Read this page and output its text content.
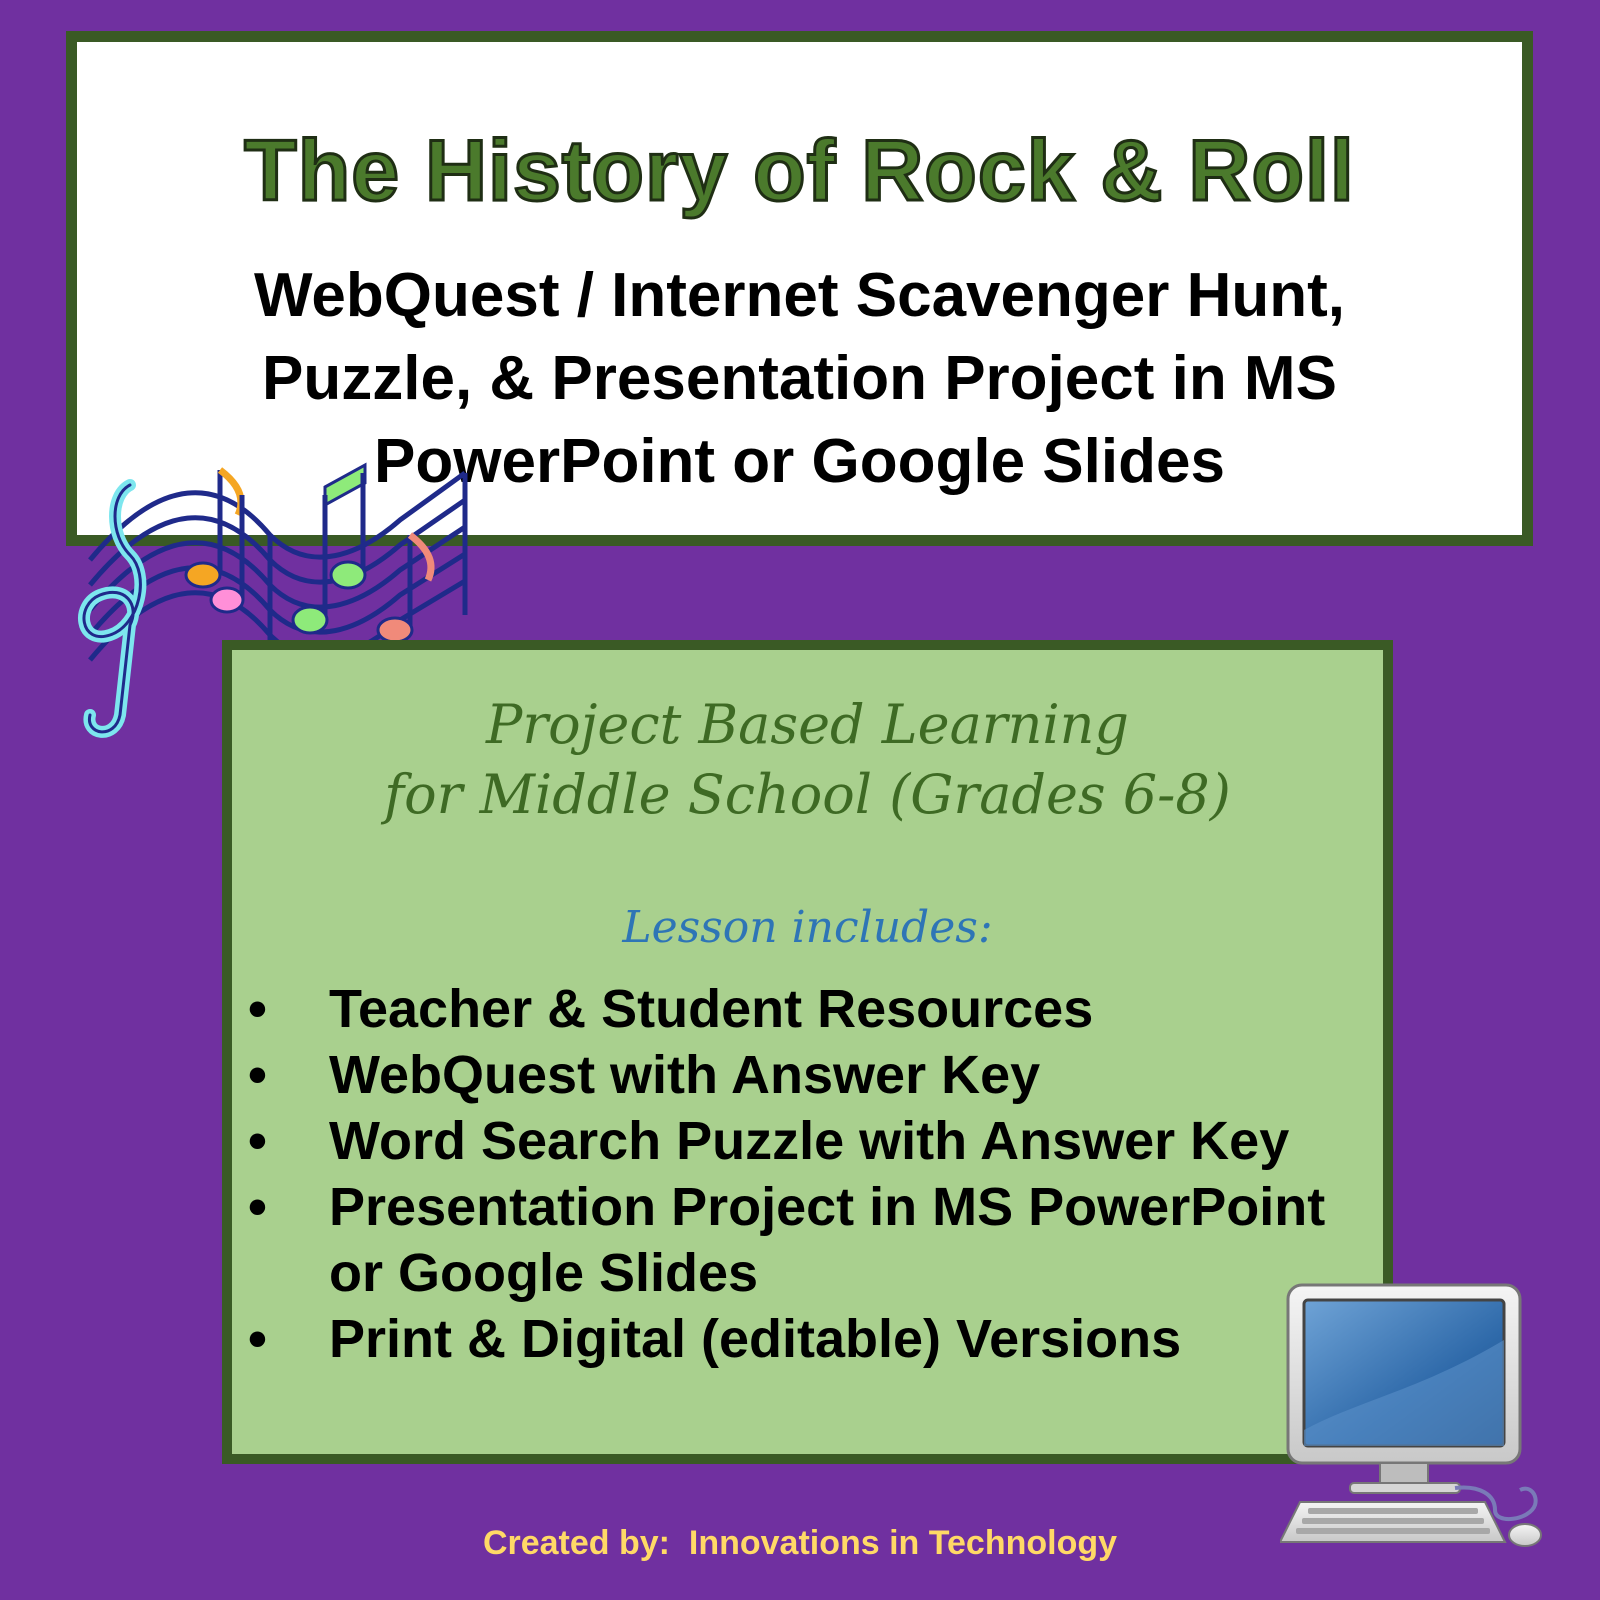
The History of Rock & Roll
WebQuest / Internet Scavenger Hunt,
Puzzle, & Presentation Project in MS
PowerPoint or Google Slides
Project Based Learning
for Middle School (Grades 6-8)
Lesson includes:
• Teacher & Student Resources
• WebQuest with Answer Key
• Word Search Puzzle with Answer Key
• Presentation Project in MS PowerPoint
or Google Slides
• Print & Digital (editable) Versions
Created by:  Innovations in Technology
